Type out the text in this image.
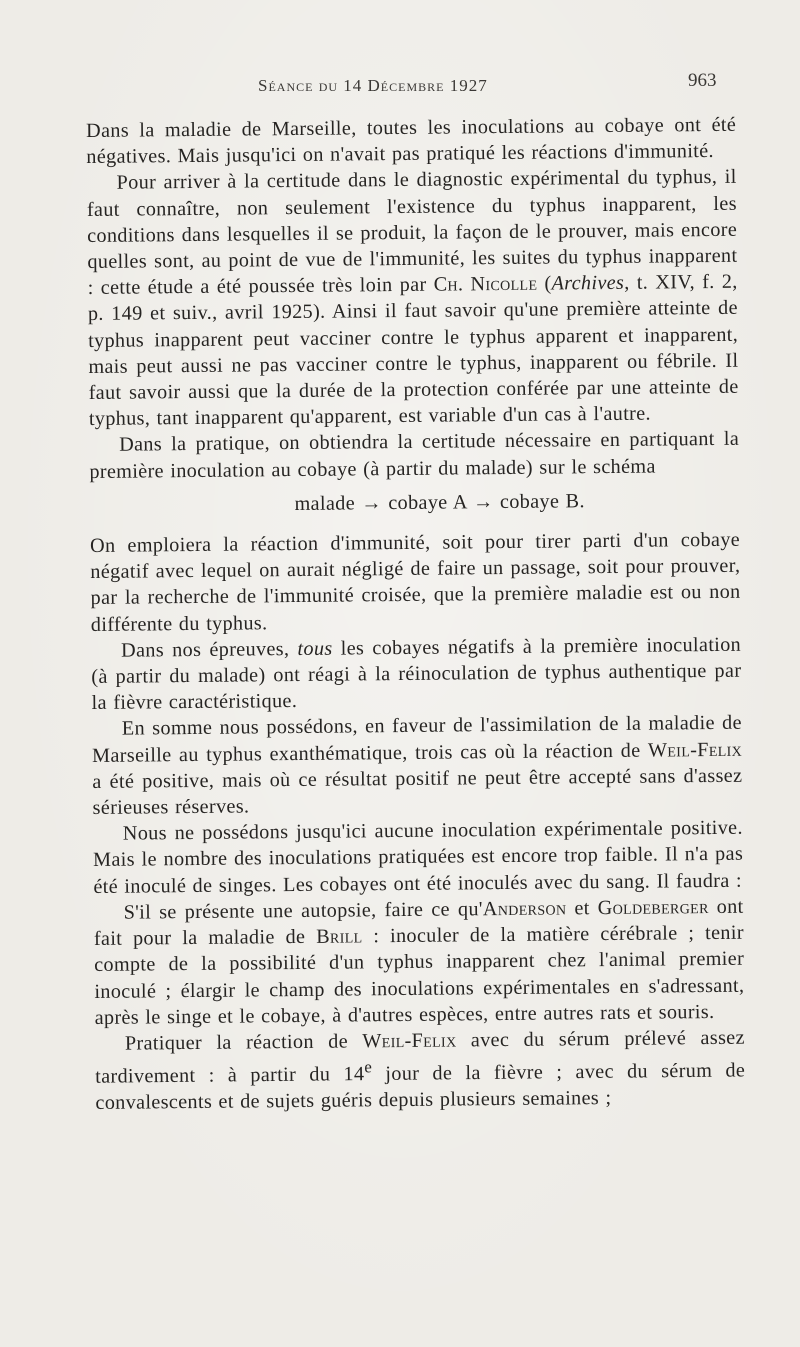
Séance du 14 Décembre 1927	963

Dans la maladie de Marseille, toutes les inoculations au cobaye ont été négatives. Mais jusqu'ici on n'avait pas pratiqué les réactions d'immunité.

Pour arriver à la certitude dans le diagnostic expérimental du typhus, il faut connaître, non seulement l'existence du typhus inapparent, les conditions dans lesquelles il se produit, la façon de le prouver, mais encore quelles sont, au point de vue de l'immunité, les suites du typhus inapparent : cette étude a été poussée très loin par Ch. Nicolle (Archives, t. XIV, f. 2, p. 149 et suiv., avril 1925). Ainsi il faut savoir qu'une première atteinte de typhus inapparent peut vacciner contre le typhus apparent et inapparent, mais peut aussi ne pas vacciner contre le typhus, inapparent ou fébrile. Il faut savoir aussi que la durée de la protection conférée par une atteinte de typhus, tant inapparent qu'apparent, est variable d'un cas à l'autre.

Dans la pratique, on obtiendra la certitude nécessaire en partiquant la première inoculation au cobaye (à partir du malade) sur le schéma

malade → cobaye A → cobaye B.

On emploiera la réaction d'immunité, soit pour tirer parti d'un cobaye négatif avec lequel on aurait négligé de faire un passage, soit pour prouver, par la recherche de l'immunité croisée, que la première maladie est ou non différente du typhus.

Dans nos épreuves, tous les cobayes négatifs à la première inoculation (à partir du malade) ont réagi à la réinoculation de typhus authentique par la fièvre caractéristique.

En somme nous possédons, en faveur de l'assimilation de la maladie de Marseille au typhus exanthématique, trois cas où la réaction de Weil-Felix a été positive, mais où ce résultat positif ne peut être accepté sans d'assez sérieuses réserves.

Nous ne possédons jusqu'ici aucune inoculation expérimentale positive. Mais le nombre des inoculations pratiquées est encore trop faible. Il n'a pas été inoculé de singes. Les cobayes ont été inoculés avec du sang. Il faudra :

S'il se présente une autopsie, faire ce qu'Anderson et Goldeberger ont fait pour la maladie de Brill : inoculer de la matière cérébrale ; tenir compte de la possibilité d'un typhus inapparent chez l'animal premier inoculé ; élargir le champ des inoculations expérimentales en s'adressant, après le singe et le cobaye, à d'autres espèces, entre autres rats et souris.

Pratiquer la réaction de Weil-Felix avec du sérum prélevé assez tardivement : à partir du 14e jour de la fièvre ; avec du sérum de convalescents et de sujets guéris depuis plusieurs semaines ;
